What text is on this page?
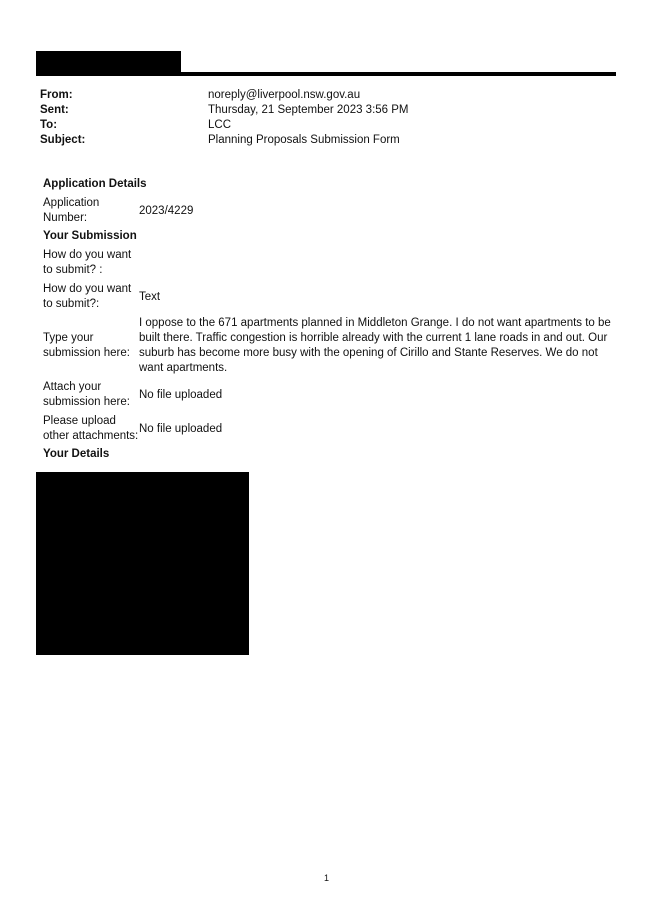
From:	noreply@liverpool.nsw.gov.au
Sent:	Thursday, 21 September 2023 3:56 PM
To:	LCC
Subject:	Planning Proposals Submission Form
Application Details
Application Number:
2023/4229
Your Submission
How do you want to submit? :
How do you want to submit?:
Text
Type your submission here:
I oppose to the 671 apartments planned in Middleton Grange. I do not want apartments to be built there. Traffic congestion is horrible already with the current 1 lane roads in and out. Our suburb has become more busy with the opening of Cirillo and Stante Reserves. We do not want apartments.
Attach your submission here:
No file uploaded
Please upload other attachments:
No file uploaded
Your Details
1
